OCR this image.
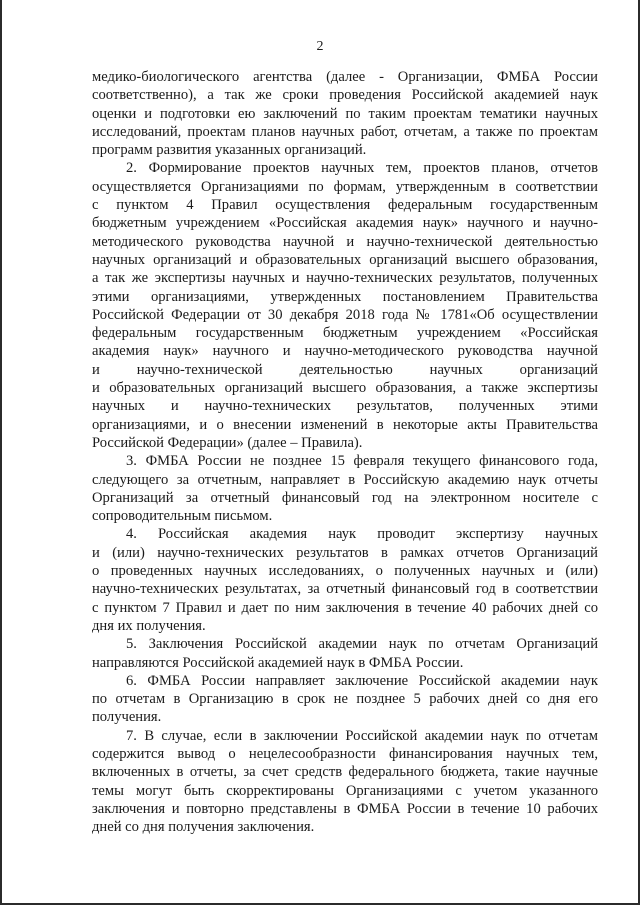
2
медико-биологического агентства (далее - Организации, ФМБА России
соответственно), а так же сроки проведения Российской академией наук
оценки и подготовки ею заключений по таким проектам тематики научных
исследований, проектам планов научных работ, отчетам, а также по проектам
программ развития указанных организаций.
2. Формирование проектов научных тем, проектов планов, отчетов
осуществляется Организациями по формам, утвержденным в соответствии
с пунктом 4 Правил осуществления федеральным государственным
бюджетным учреждением «Российская академия наук» научного и научно-
методического руководства научной и научно-технической деятельностью
научных организаций и образовательных организаций высшего образования,
а так же экспертизы научных и научно-технических результатов, полученных
этими организациями, утвержденных постановлением Правительства
Российской Федерации от 30 декабря 2018 года № 1781«Об осуществлении
федеральным государственным бюджетным учреждением «Российская
академия наук» научного и научно-методического руководства научной
и научно-технической деятельностью научных организаций
и образовательных организаций высшего образования, а также экспертизы
научных и научно-технических результатов, полученных этими
организациями, и о внесении изменений в некоторые акты Правительства
Российской Федерации» (далее – Правила).
3. ФМБА России не позднее 15 февраля текущего финансового года,
следующего за отчетным, направляет в Российскую академию наук отчеты
Организаций за отчетный финансовый год на электронном носителе с
сопроводительным письмом.
4. Российская академия наук проводит экспертизу научных
и (или) научно-технических результатов в рамках отчетов Организаций
о проведенных научных исследованиях, о полученных научных и (или)
научно-технических результатах, за отчетный финансовый год в соответствии
с пунктом 7 Правил и дает по ним заключения в течение 40 рабочих дней со
дня их получения.
5. Заключения Российской академии наук по отчетам Организаций
направляются Российской академией наук в ФМБА России.
6. ФМБА России направляет заключение Российской академии наук
по отчетам в Организацию в срок не позднее 5 рабочих дней со дня его
получения.
7. В случае, если в заключении Российской академии наук по отчетам
содержится вывод о нецелесообразности финансирования научных тем,
включенных в отчеты, за счет средств федерального бюджета, такие научные
темы могут быть скорректированы Организациями с учетом указанного
заключения и повторно представлены в ФМБА России в течение 10 рабочих
дней со дня получения заключения.
